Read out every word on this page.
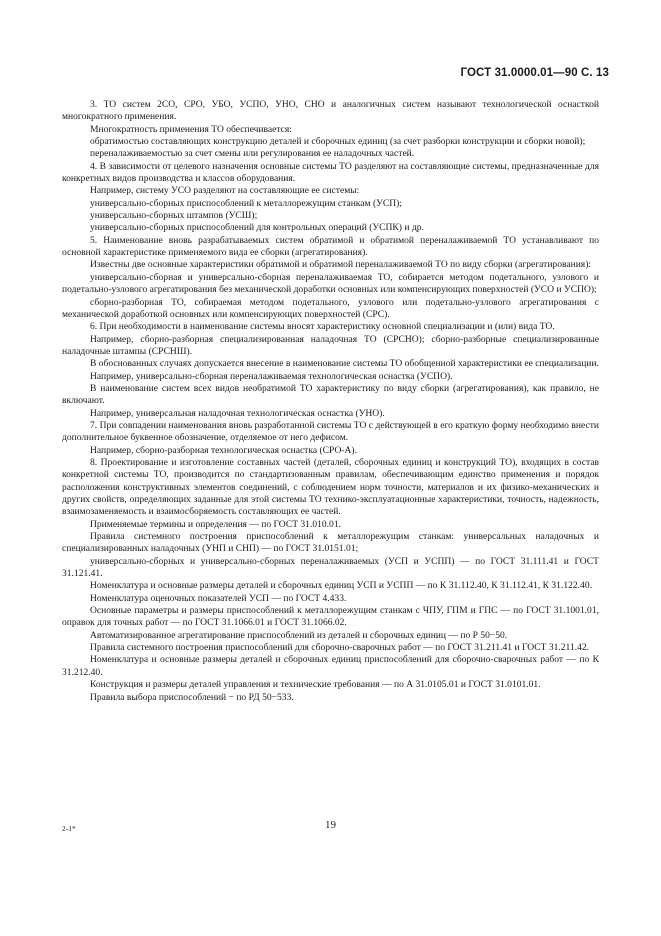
ГОСТ 31.0000.01—90 С. 13

3. ТО систем 2СО, СРО, УБО, УСПО, УНО, СНО и аналогичных систем называют технологической оснасткой многократного применения.

Многократность применения ТО обеспечивается:

обратимостью составляющих конструкцию деталей и сборочных единиц (за счет разборки конструкции и сборки новой);

переналаживаемостью за счет смены или регулирования ее наладочных частей.

4. В зависимости от целевого назначения основные системы ТО разделяют на составляющие системы, предназначенные для конкретных видов производства и классов оборудования.

Например, систему УСО разделяют на составляющие ее системы:

универсально-сборных приспособлений к металлорежущим станкам (УСП);

универсально-сборных штампов (УСШ);

универсально-сборных приспособлений для контрольных операций (УСПК) и др.

5. Наименование вновь разрабатываемых систем обратимой и обратимой переналаживаемой ТО устанавливают по основной характеристике применяемого вида ее сборки (агрегатирования).

Известны две основные характеристики обратимой и обратимой переналаживаемой ТО по виду сборки (агрегатирования):

универсально-сборная и универсально-сборная переналаживаемая ТО, собирается методом подетального, узлового и подетально-узлового агрегатирования без механической доработки основных или компенсирующих поверхностей (УСО и УСПО);

сборно-разборная ТО, собираемая методом подетального, узлового или подетально-узлового агрегатирования с механической доработкой основных или компенсирующих поверхностей (СРС).

6. При необходимости в наименование системы вносят характеристику основной специализации и (или) вида ТО.

Например, сборно-разборная специализированная наладочная ТО (СРСНО); сборно-разборные специализированные наладочные штампы (СРСНШ).

В обоснованных случаях допускается внесение в наименование системы ТО обобщенной характеристики ее специализации.

Например, универсально-сборная переналаживаемая технологическая оснастка (УСПО).

В наименование систем всех видов необратимой ТО характеристику по виду сборки (агрегатирования), как правило, не включают.

Например, универсальная наладочная технологическая оснастка (УНО).

7. При совпадении наименования вновь разработанной системы ТО с действующей в его краткую форму необходимо внести дополнительное буквенное обозначение, отделяемое от него дефисом.

Например, сборно-разборная технологическая оснастка (СРО-А).

8. Проектирование и изготовление составных частей (деталей, сборочных единиц и конструкций ТО), входящих в состав конкретной системы ТО, производится по стандартизованным правилам, обеспечивающим единство применения и порядок расположения конструктивных элементов соединений, с соблюдением норм точности, материалов и их физико-механических и других свойств, определяющих заданные для этой системы ТО технико-эксплуатационные характеристики, точность, надежность, взаимозаменяемость и взаимосборяемость составляющих ее частей.

Применяемые термины и определения — по ГОСТ 31.010.01.

Правила системного построения приспособлений к металлорежущим станкам: универсальных наладочных и специализированных наладочных (УНП и СНП) — по ГОСТ 31.0151.01;

универсально-сборных и универсально-сборных переналаживаемых (УСП и УСПП) — по ГОСТ 31.111.41 и ГОСТ 31.121.41.

Номенклатура и основные размеры деталей и сборочных единиц УСП и УСПП — по К 31.112.40, К 31.112.41, К 31.122.40.

Номенклатура оценочных показателей УСП — по ГОСТ 4.433.

Основные параметры и размеры приспособлений к металлорежущим станкам с ЧПУ, ГПМ и ГПС — по ГОСТ 31.1001.01, оправок для точных работ — по ГОСТ 31.1066.01 и ГОСТ 31.1066.02.

Автоматизированное агрегатирование приспособлений из деталей и сборочных единиц — по Р 50−50.

Правила системного построения приспособлений для сборочно-сварочных работ — по ГОСТ 31.211.41 и ГОСТ 31.211.42.

Номенклатура и основные размеры деталей и сборочных единиц приспособлений для сборочно-сварочных работ — по К 31.212.40.

Конструкция и размеры деталей управления и технические требования — по А 31.0105.01 и ГОСТ 31.0101.01.

Правила выбора приспособлений − по РД 50−533.

2-1*	19
